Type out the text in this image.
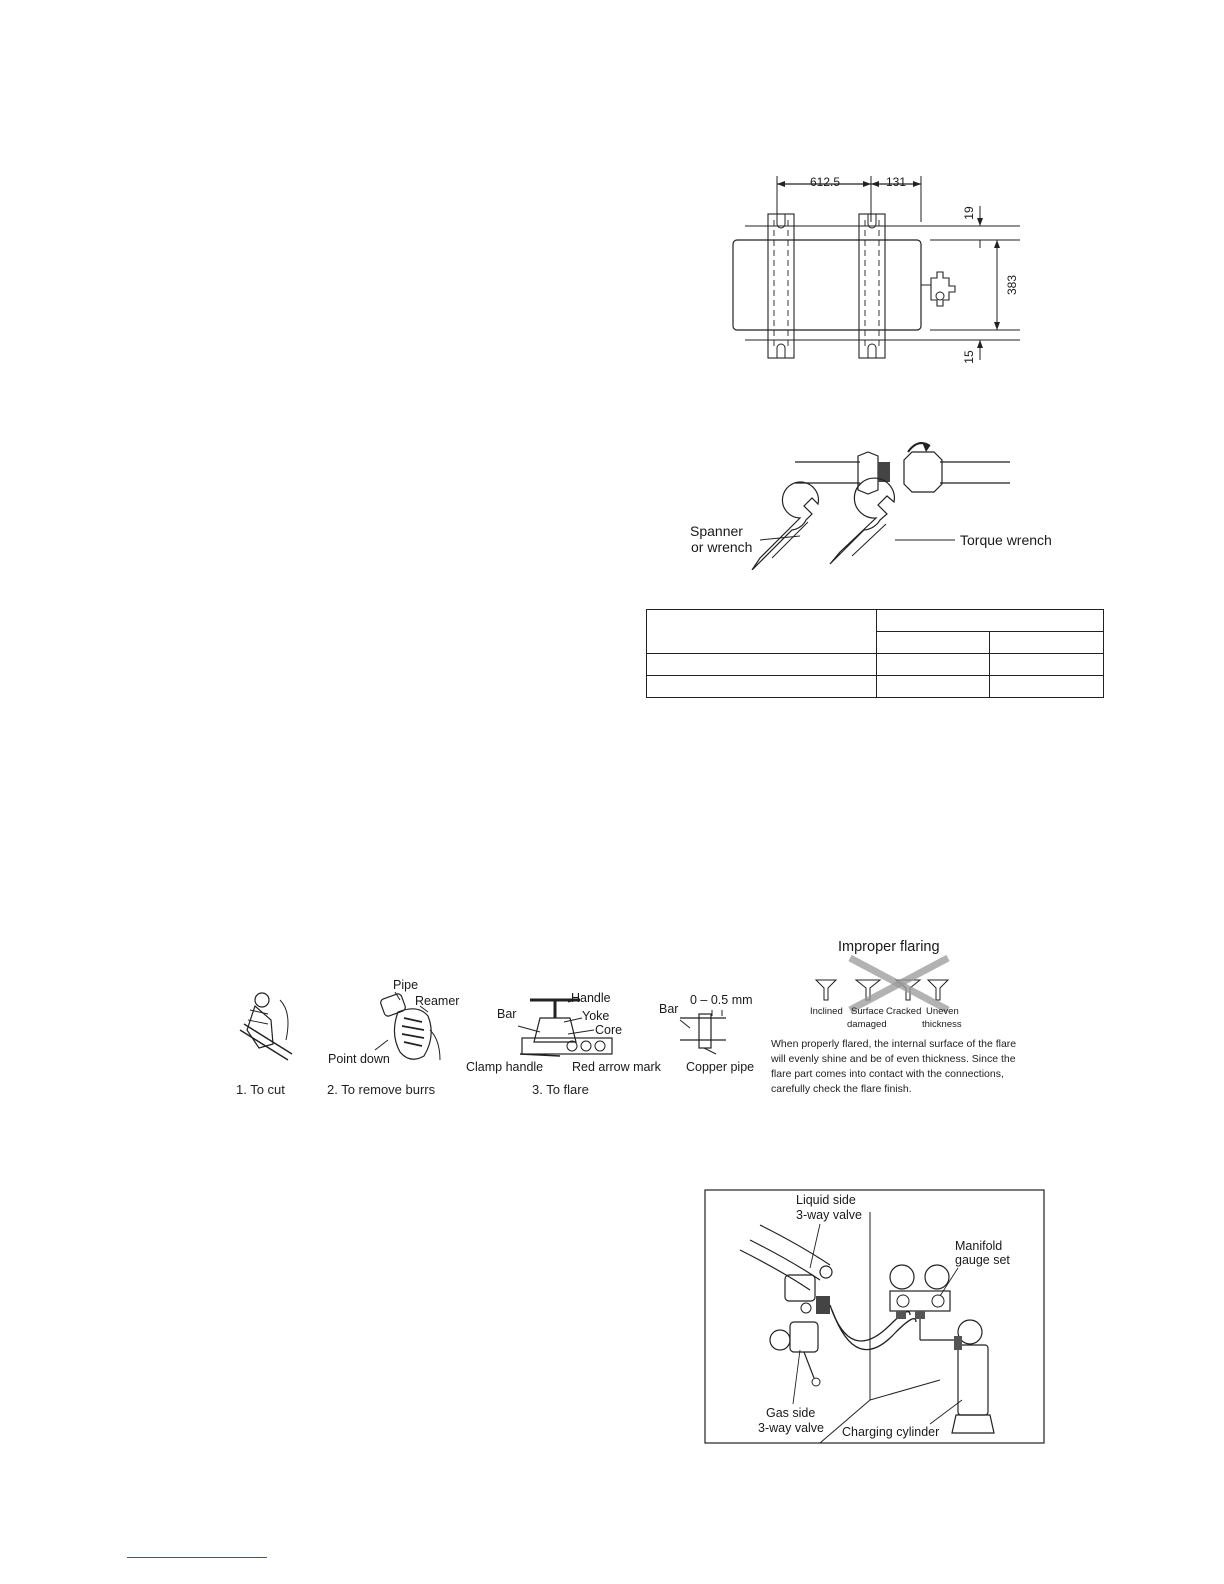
612.5	131
19
383
15
Spanner
or wrench	Torque wrench

Pipe
Reamer
Point down
Handle
Bar	Yoke
Core
Clamp handle Red arrow mark
0 – 0.5 mm
Bar
Copper pipe
Improper flaring
Inclined Surface
damaged
Cracked Uneven
thickness
1. To cut	2. To remove burrs	3. To flare
When properly flared, the internal surface of the flare will evenly shine and be of even thickness. Since the flare part comes into contact with the connections, carefully check the flare finish.
Liquid side
3-way valve
Manifold
gauge set
Gas side
3-way valve Charging cylinder
